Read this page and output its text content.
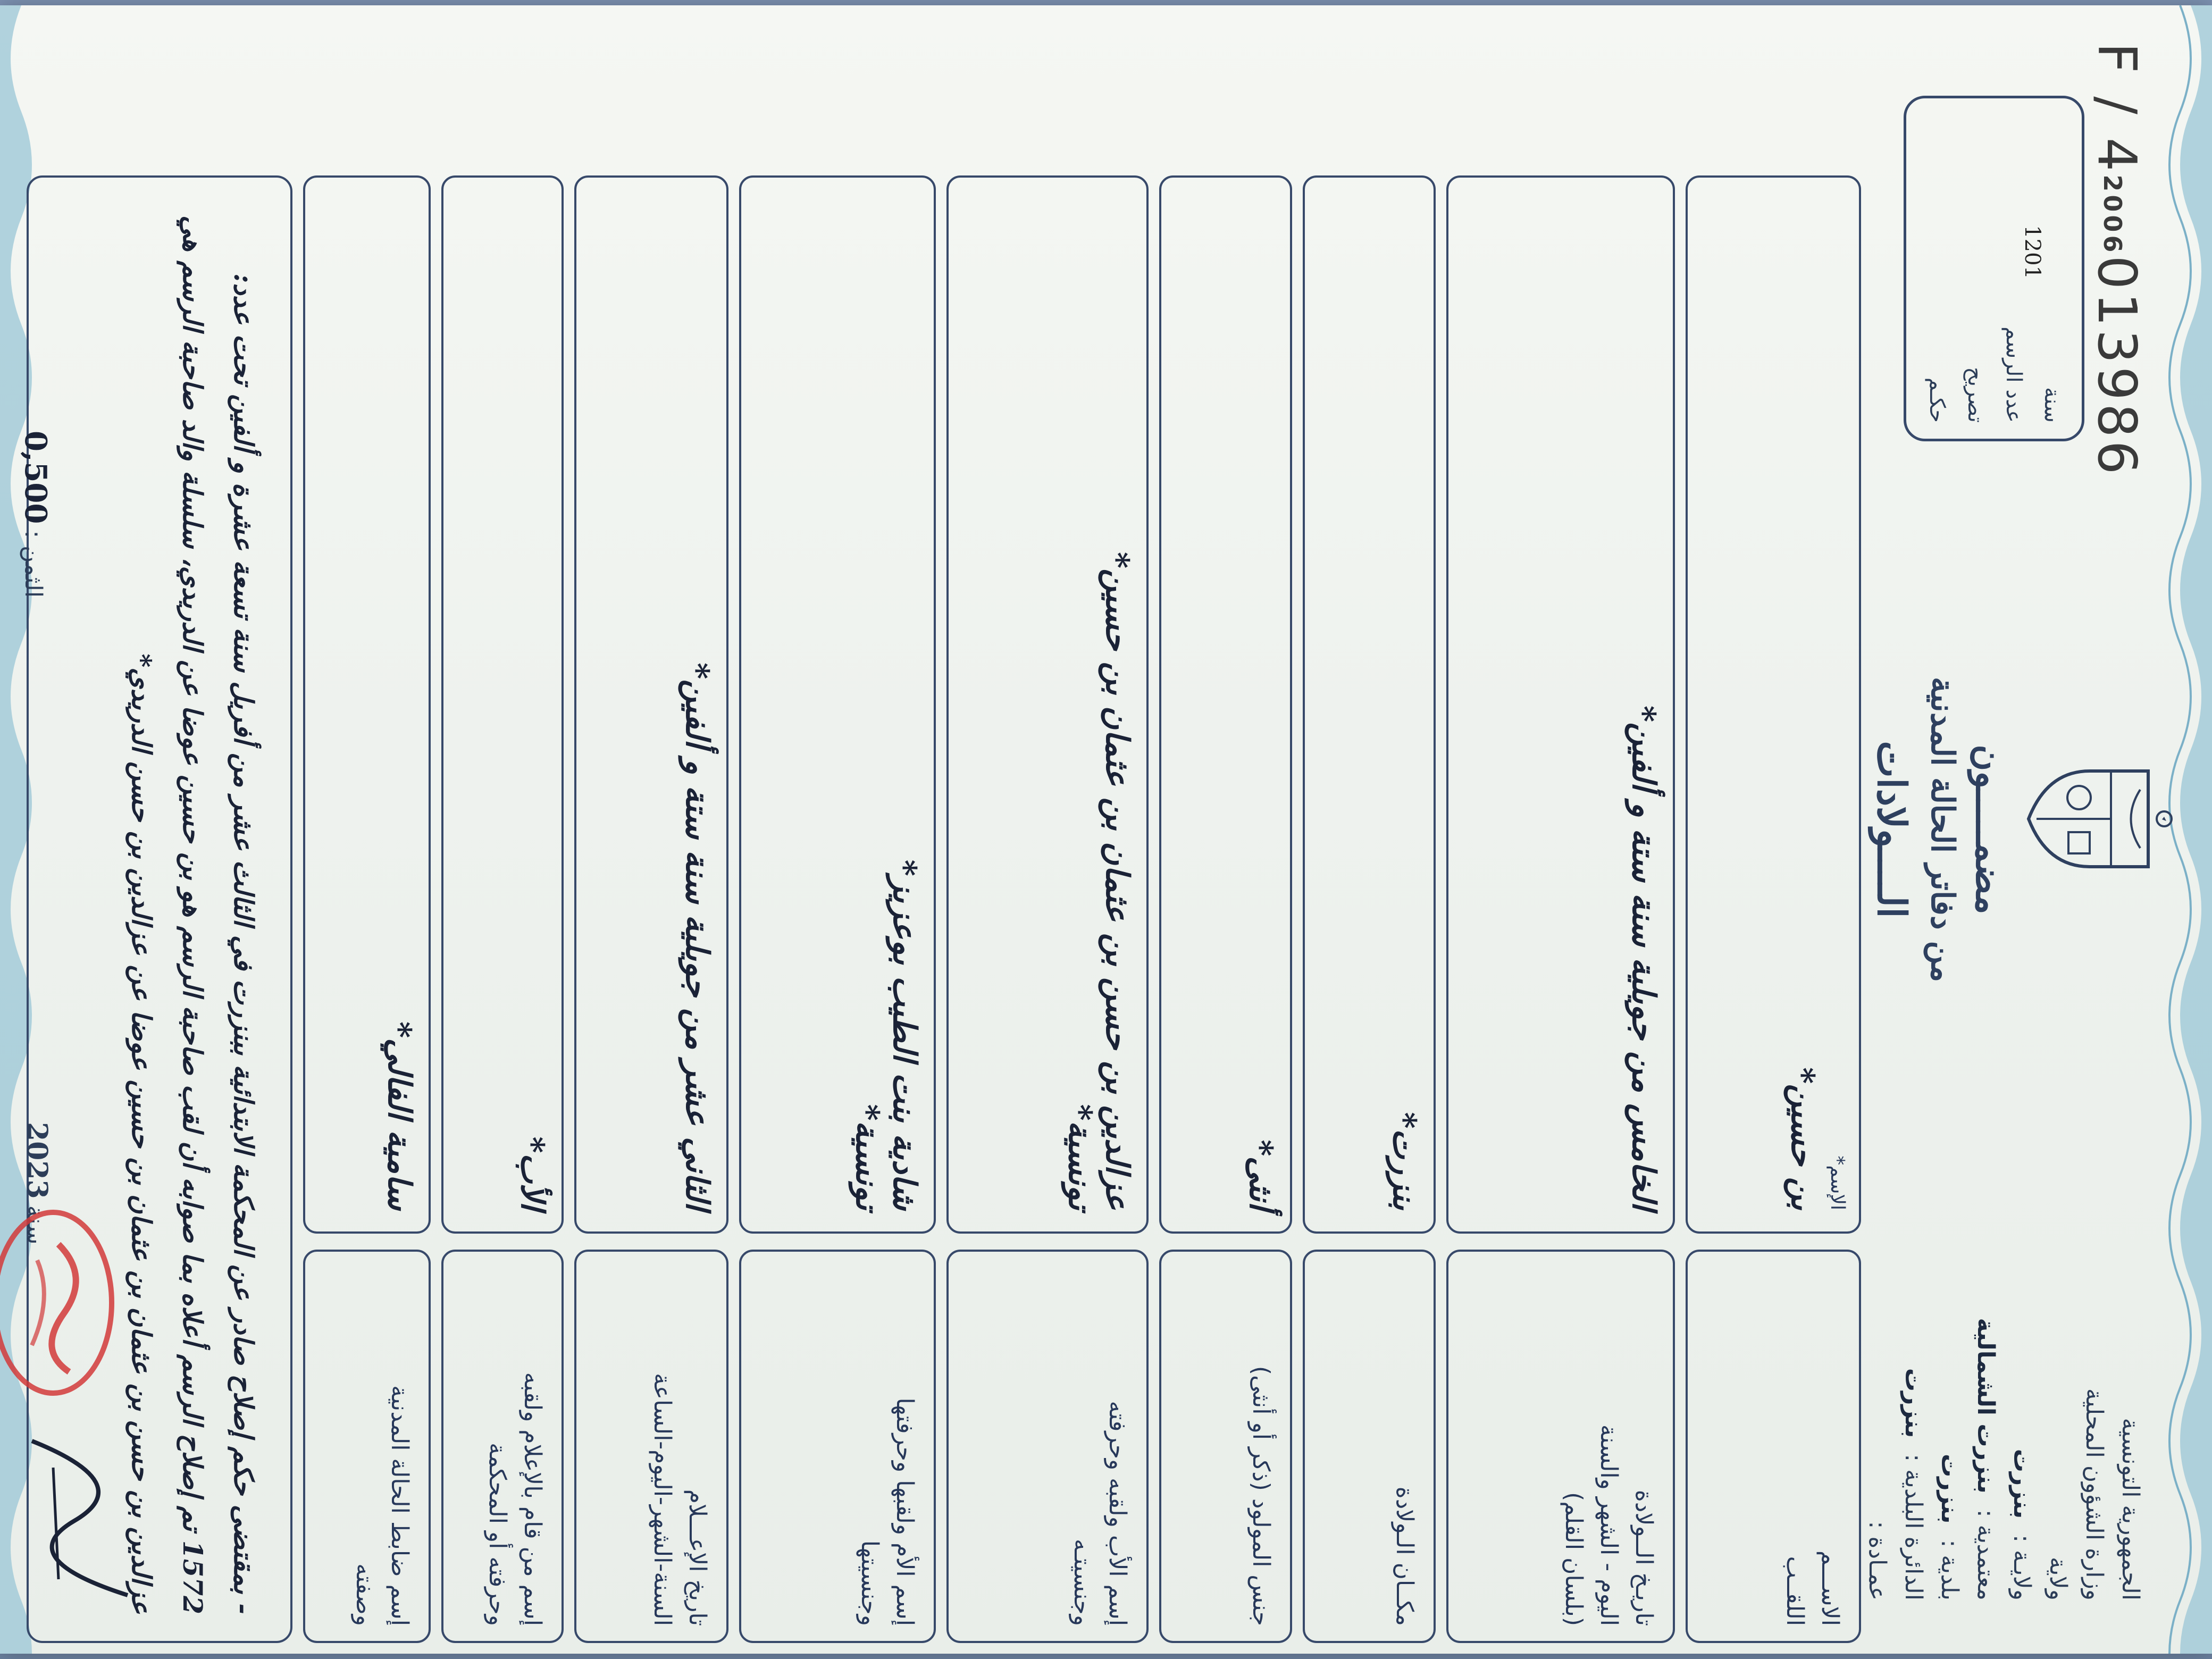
الجمهورية التونسية
وزارة الشؤون المحلية
ولاية
ولايـة :بنزرت
معتمدية :بنزرت الشمالية
بلدية :بنزرت
الدائرة البلدية :بنزرت
عمـادة :
مضمـــــون
من دفاتر الحالة المدنية
الــــولادات
F / 42006013986
سنة
عدد الرسم
تصريح
حكـم
1201
الاســـم
اللقــب
الإسم*
بن حسين*
تاريـخ الــولادة
اليوم - الشهر والسنة
(بلسان القلم)
الخامس من جويلية سنة ستة و ألفين*
مكــان الـولادة
بنزرت*
جنس المولود (ذكر أو أنثى)
أنثى*
إسم الأب ولقبه وحرفته
وجنسيتـه
عزالدين بن حسن بن عثمان بن عثمان بن حسين*
تونسية*
إسم الأم ولقبها وحرفتها
وجنسيتها
شادية بنت الطيب بوعزيز*
تونسية*
تاريخ الإعـــلام
السنة-الشهر-اليوم-الساعة
الثاني عشر من جويلية سنة ستة و ألفين*
إسم من قام بالإعلام ولقبه
وحرفته أو المحكمة
الأب*
إسم ضابط الحالة المدنية
وصفته
سامية الفالي*
- بمقتضى حكم إصلاح صادر عن المحكمة الابتدائية ببنزرت في الثالث عشر من أفريل سنة تسعة عشرة و ألفين تحت عدد: 1572 تم إصلاح الرسم أعلاه بما صوابه أن لقب صاحبة الرسم هو بن حسين عوضا عن الدريدي، سلسلة والد صاحبة الرسم هي عزالدين بن حسن بن عثمان بن عثمان بن حسين عوضا عن عزالدين بن حسن الدريدي*
الثمن :0,500
سنة2023
